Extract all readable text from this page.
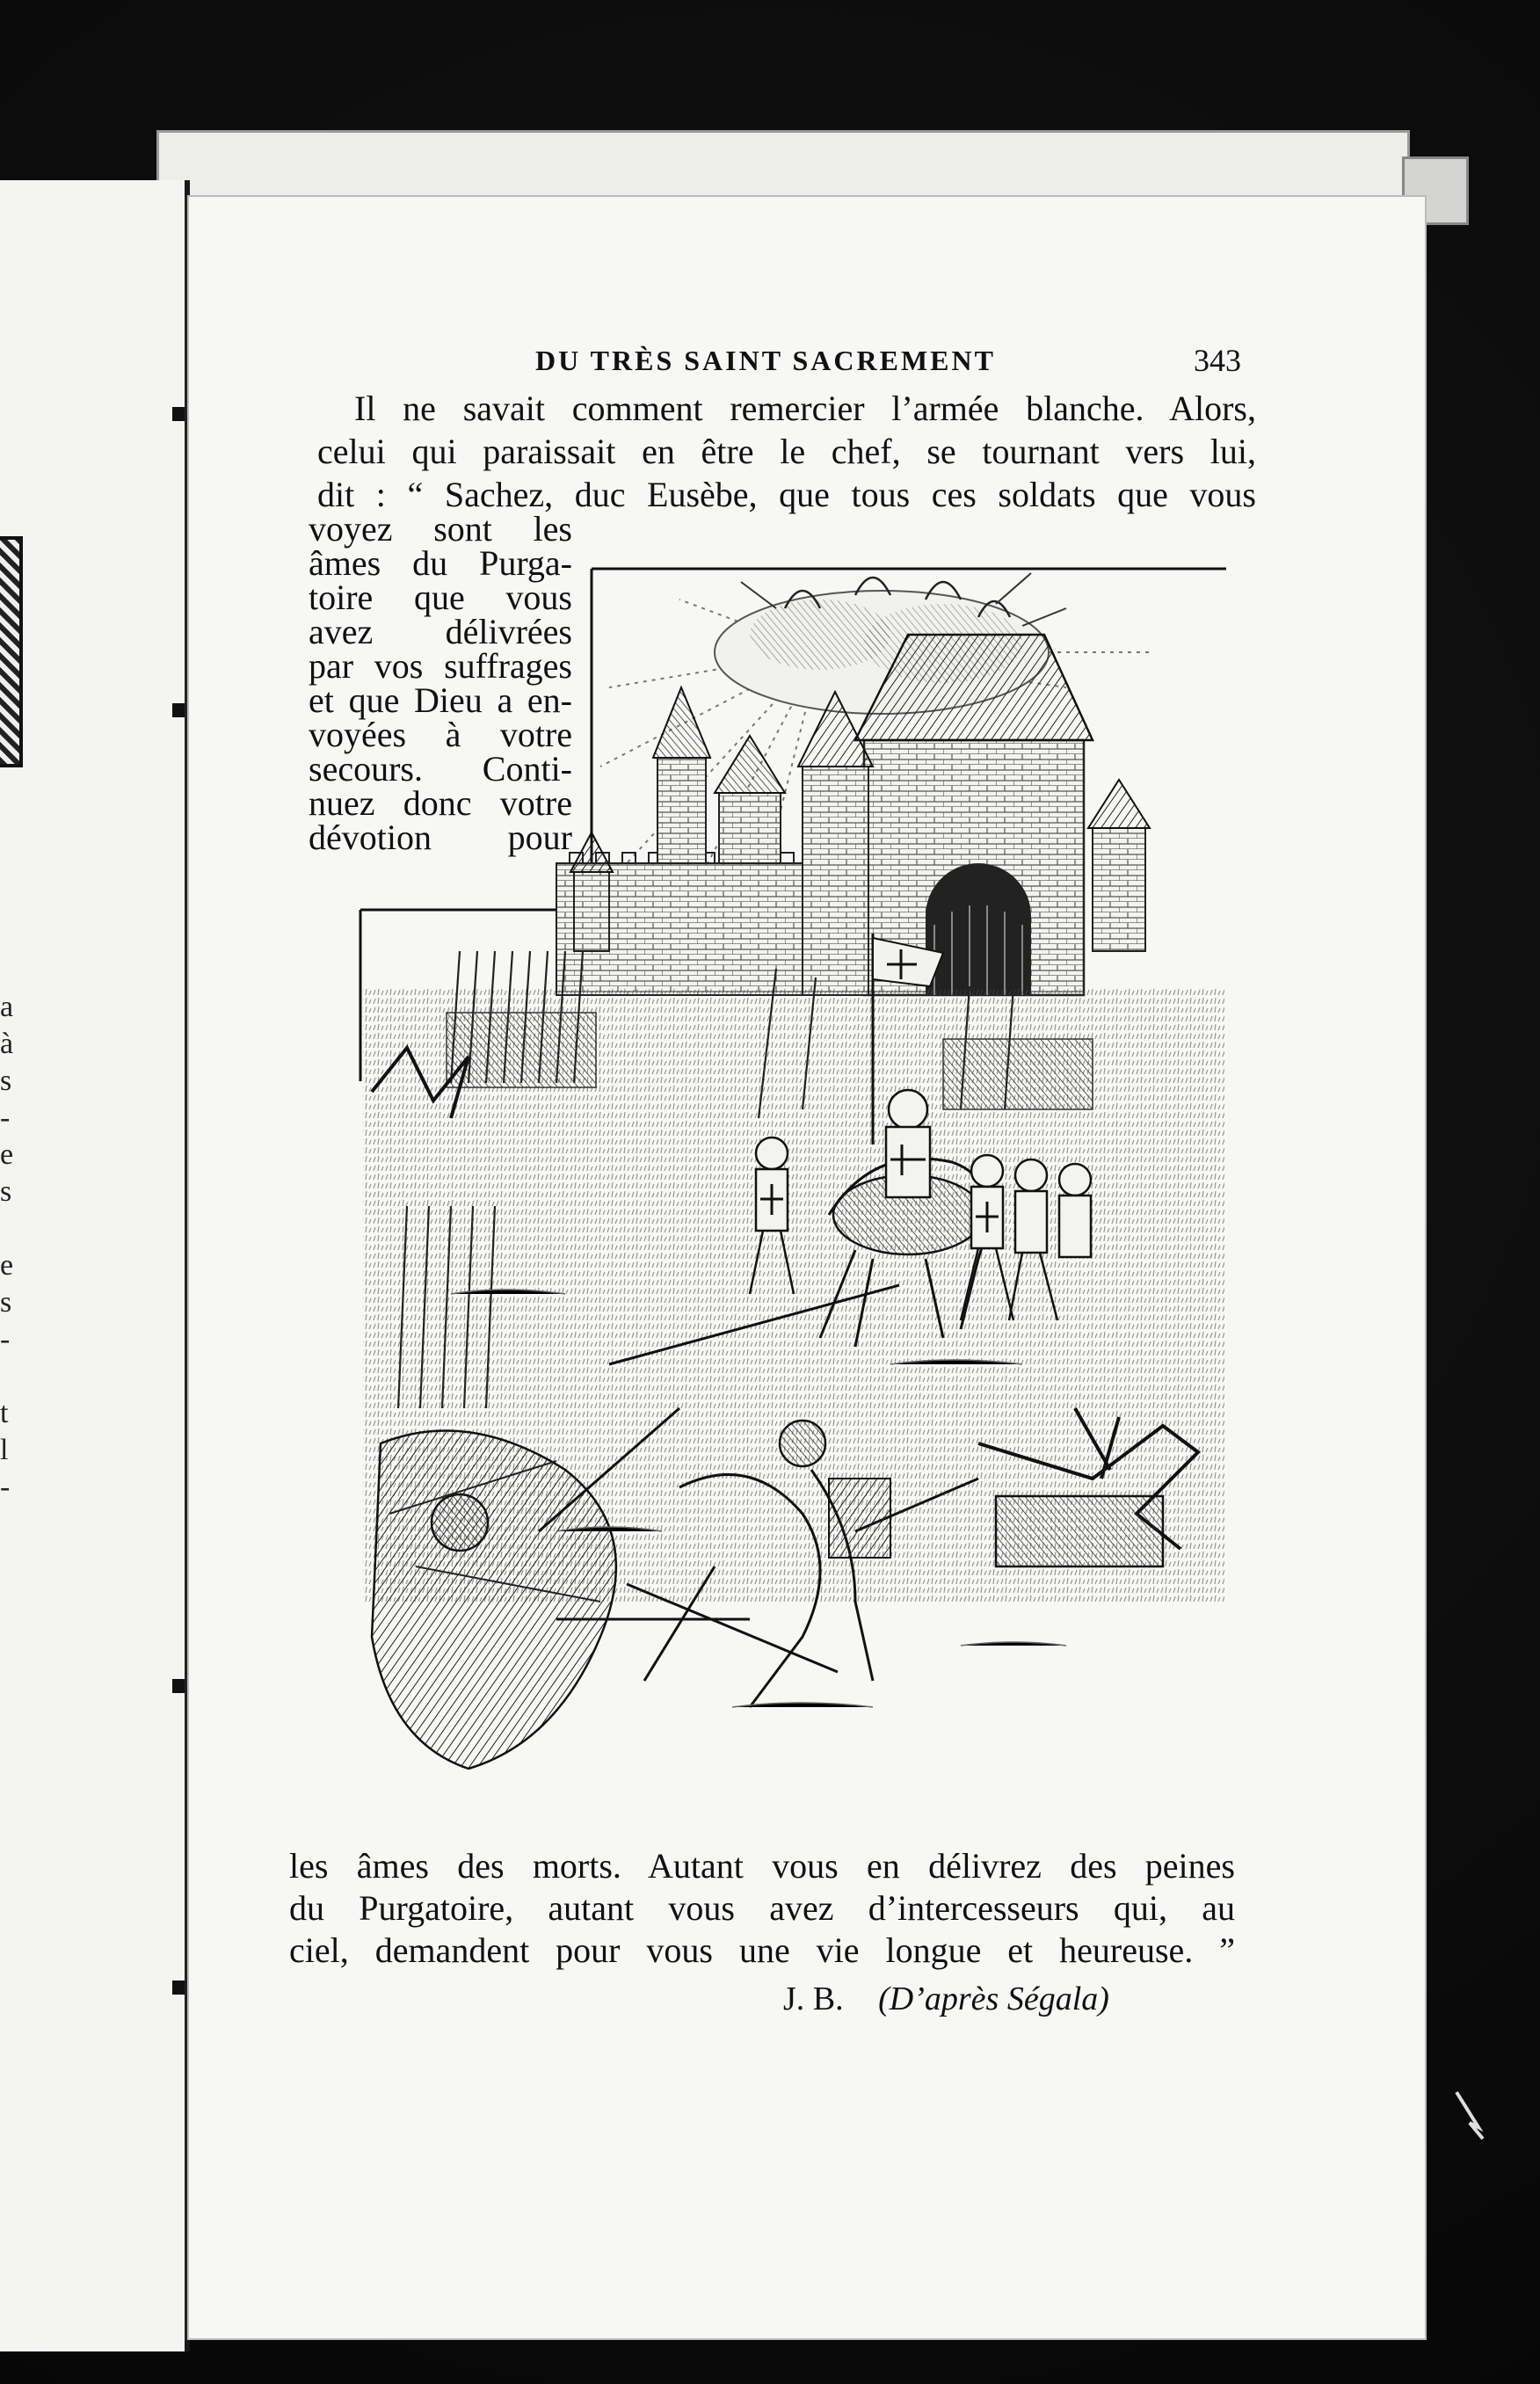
a
à
s
-
e
s

e
s
-

t
l
-
DU TRÈS SAINT SACREMENT	343
Il ne savait comment remercier l’armée blanche. Alors,
celui qui paraissait en être le chef, se tournant vers lui,
dit : “ Sachez, duc Eusèbe, que tous ces soldats que vous
voyez sont les
âmes du Purga-
toire que vous
avez délivrées
par vos suffrages
et que Dieu a en-
voyées à votre
secours. Conti-
nuez donc votre
dévotion pour
les âmes des morts. Autant vous en délivrez des peines
du Purgatoire, autant vous avez d’intercesseurs qui, au
ciel, demandent pour vous une vie longue et heureuse. ”
J. B. (D’après Ségala)
